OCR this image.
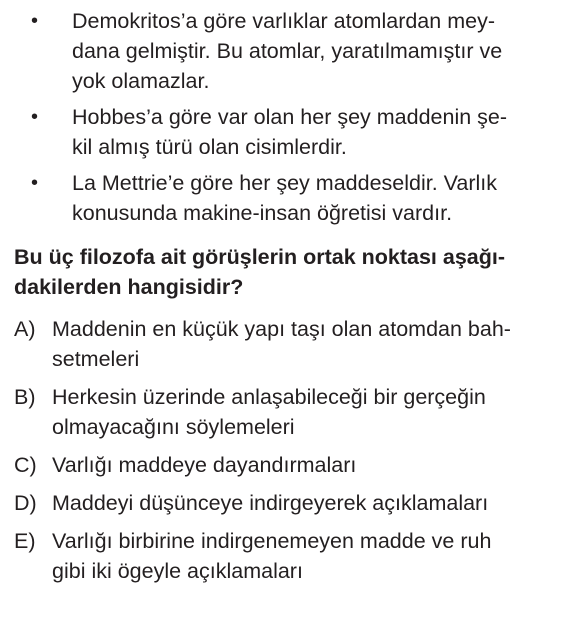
•	Demokritos’a göre varlıklar atomlardan mey-
dana gelmiştir. Bu atomlar, yaratılmamıştır ve
yok olamazlar.
•	Hobbes’a göre var olan her şey maddenin şe-
kil almış türü olan cisimlerdir.
•	La Mettrie’e göre her şey maddeseldir. Varlık
konusunda makine-insan öğretisi vardır.
Bu üç filozofa ait görüşlerin ortak noktası aşağı-
dakilerden hangisidir?
A) Maddenin en küçük yapı taşı olan atomdan bah-
setmeleri
B) Herkesin üzerinde anlaşabileceği bir gerçeğin
olmayacağını söylemeleri
C) Varlığı maddeye dayandırmaları
D) Maddeyi düşünceye indirgeyerek açıklamaları
E) Varlığı birbirine indirgenemeyen madde ve ruh
gibi iki ögeyle açıklamaları
